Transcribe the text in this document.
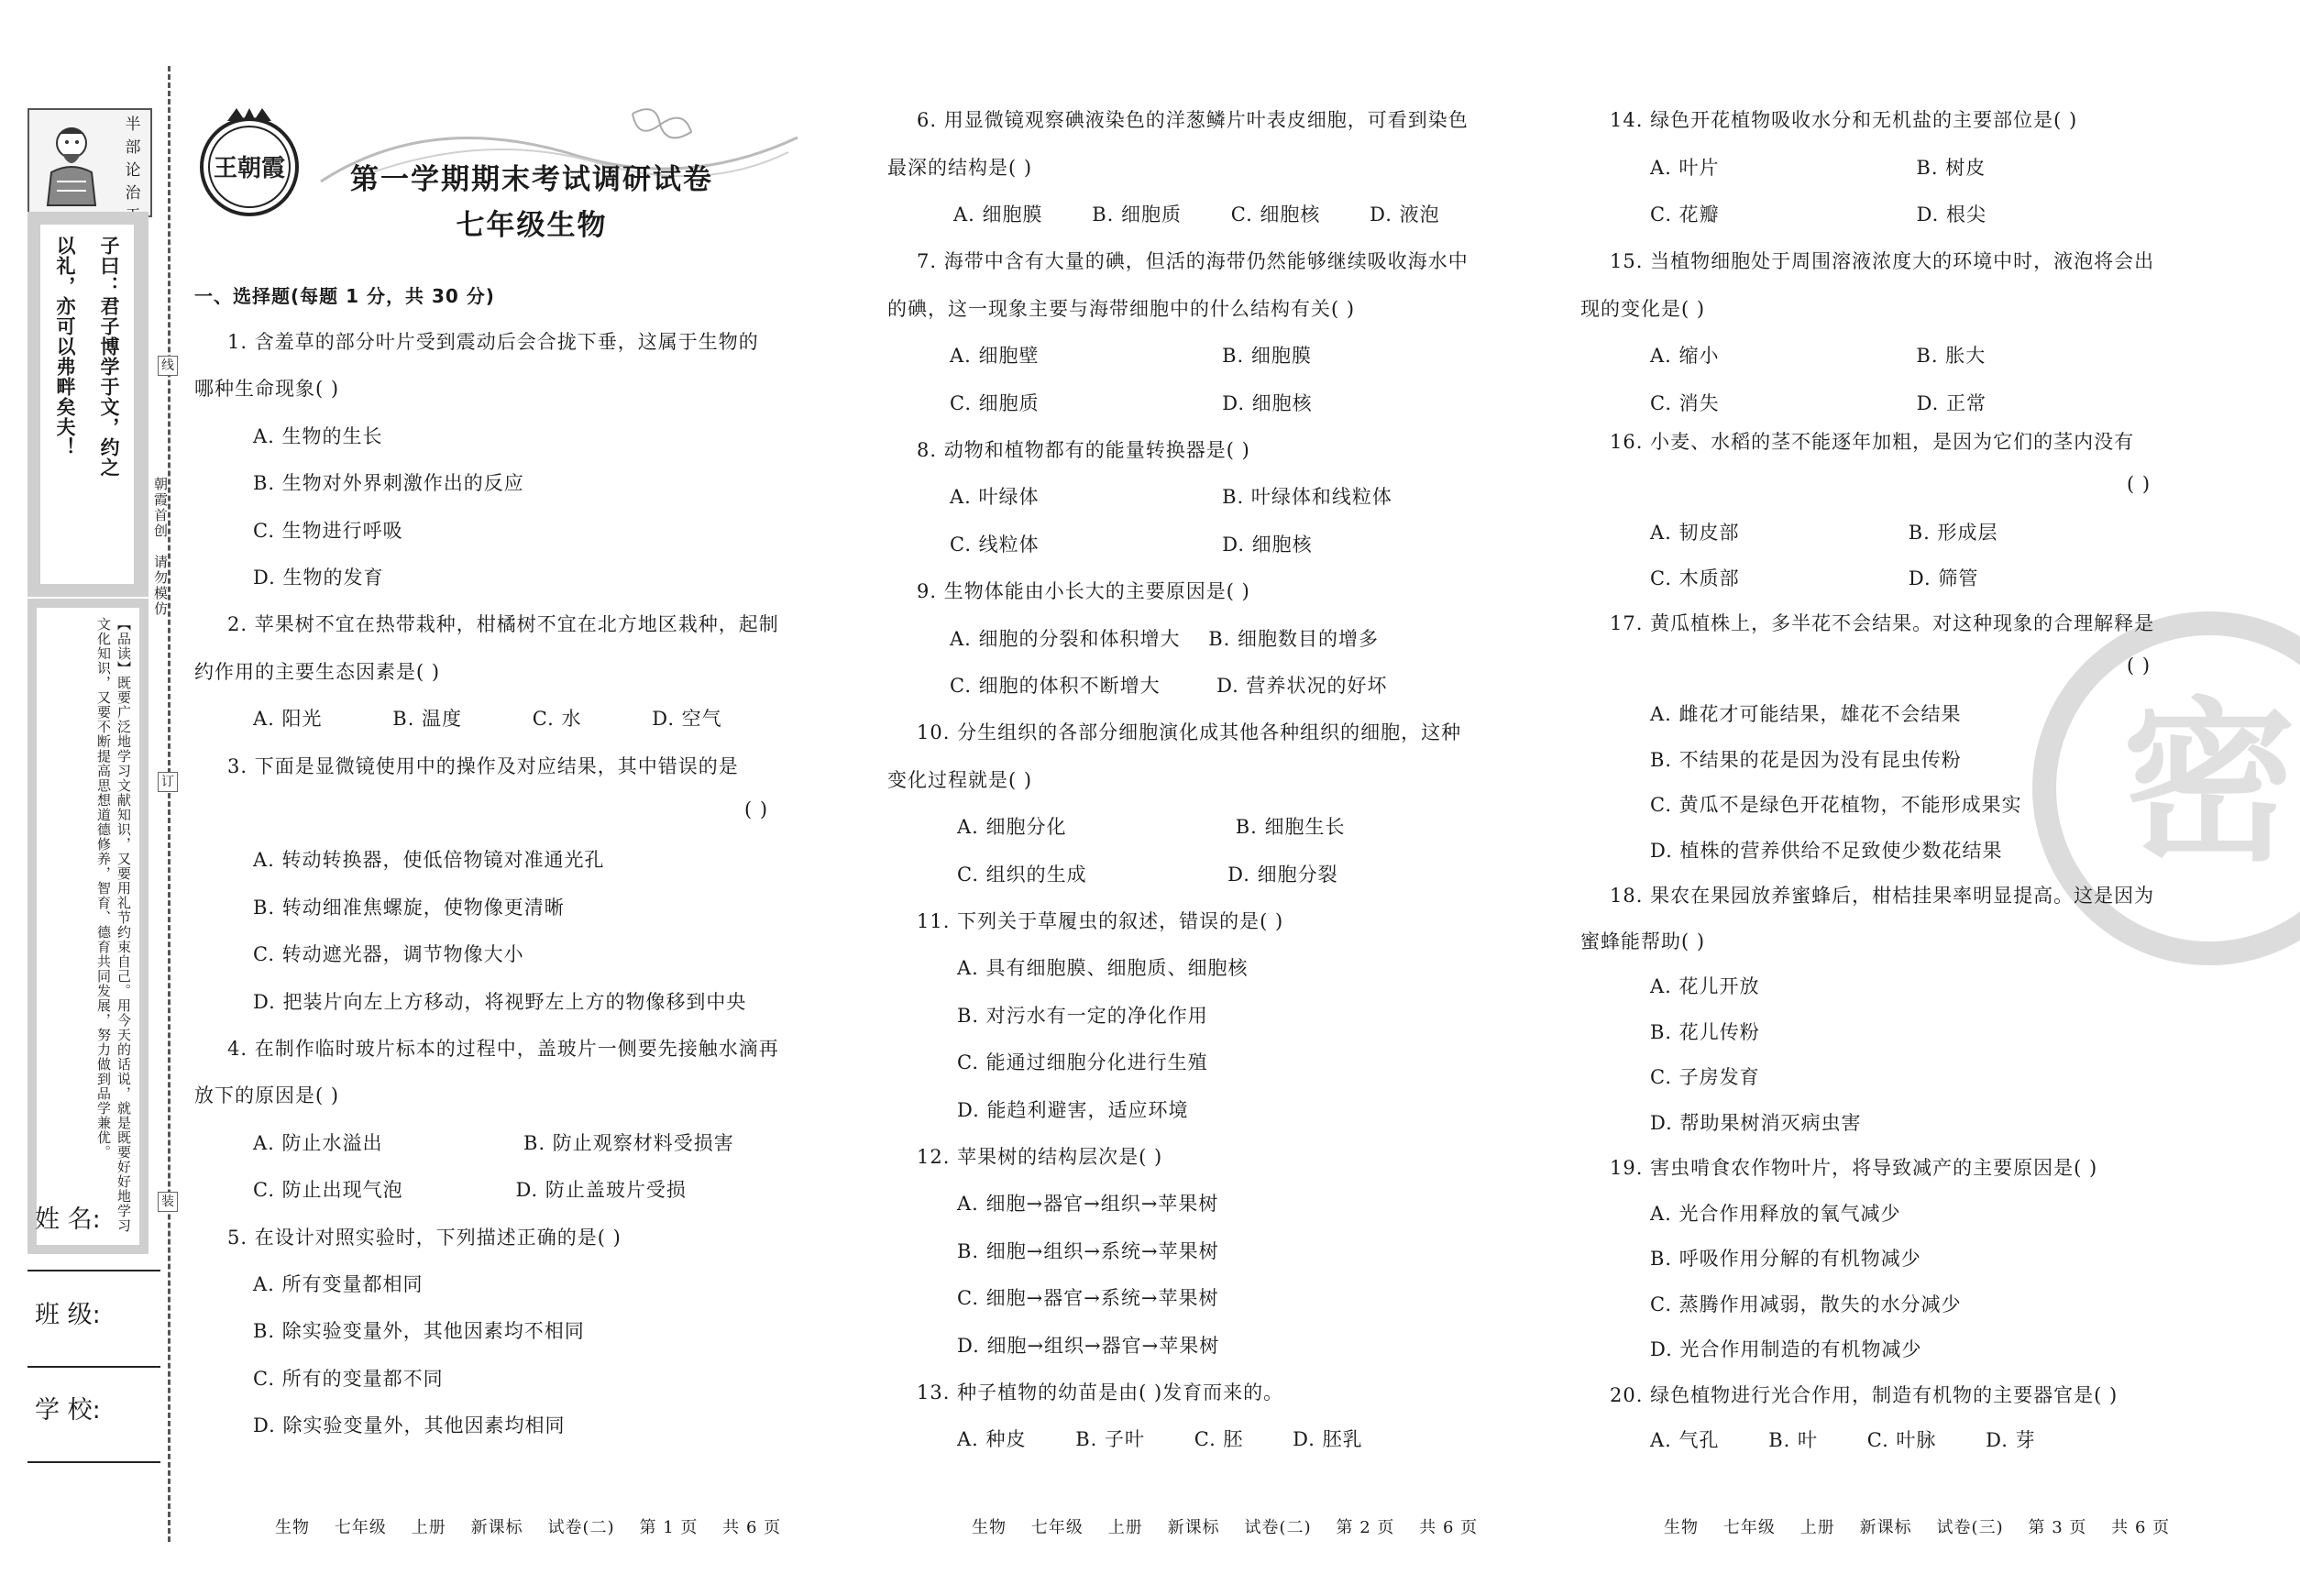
半
部
论
治
子曰：君子博学于文，约之
以礼，亦可以弗畔矣夫！
【品读】既要广泛地学习文献知识，又要用礼节约束自己。用今天的话说，就是既要好好地学习文化知识，又要不断提高思想道德修养，智育、德育共同发展，努力做到品学兼优。
姓 名:
班 级:
学 校:
线
订
装
朝霞首创　请勿模仿
王朝霞	第一学期期末考试调研试卷
七年级生物
一、选择题(每题 1 分，共 30 分)
1. 含羞草的部分叶片受到震动后会合拢下垂，这属于生物的
哪种生命现象( )
A. 生物的生长
B. 生物对外界刺激作出的反应
C. 生物进行呼吸
D. 生物的发育
2. 苹果树不宜在热带栽种，柑橘树不宜在北方地区栽种，起制
约作用的主要生态因素是( )
A. 阳光          B. 温度          C. 水          D. 空气
3. 下面是显微镜使用中的操作及对应结果，其中错误的是
( )
A. 转动转换器，使低倍物镜对准通光孔
B. 转动细准焦螺旋，使物像更清晰
C. 转动遮光器，调节物像大小
D. 把装片向左上方移动，将视野左上方的物像移到中央
4. 在制作临时玻片标本的过程中，盖玻片一侧要先接触水滴再
放下的原因是( )
A. 防止水溢出                    B. 防止观察材料受损害
C. 防止出现气泡                D. 防止盖玻片受损
5. 在设计对照实验时，下列描述正确的是( )
A. 所有变量都相同
B. 除实验变量外，其他因素均不相同
C. 所有的变量都不同
D. 除实验变量外，其他因素均相同
生物    七年级    上册    新课标    试卷(二)    第 1 页    共 6 页
6. 用显微镜观察碘液染色的洋葱鳞片叶表皮细胞，可看到染色
最深的结构是( )
A. 细胞膜       B. 细胞质       C. 细胞核       D. 液泡
7. 海带中含有大量的碘，但活的海带仍然能够继续吸收海水中
的碘，这一现象主要与海带细胞中的什么结构有关( )
A. 细胞壁                          B. 细胞膜
C. 细胞质                          D. 细胞核
8. 动物和植物都有的能量转换器是( )
A. 叶绿体                          B. 叶绿体和线粒体
C. 线粒体                          D. 细胞核
9. 生物体能由小长大的主要原因是( )
A. 细胞的分裂和体积增大    B. 细胞数目的增多
C. 细胞的体积不断增大        D. 营养状况的好坏
10. 分生组织的各部分细胞演化成其他各种组织的细胞，这种
变化过程就是( )
A. 细胞分化                        B. 细胞生长
C. 组织的生成                    D. 细胞分裂
11. 下列关于草履虫的叙述，错误的是( )
A. 具有细胞膜、细胞质、细胞核
B. 对污水有一定的净化作用
C. 能通过细胞分化进行生殖
D. 能趋利避害，适应环境
12. 苹果树的结构层次是( )
A. 细胞→器官→组织→苹果树
B. 细胞→组织→系统→苹果树
C. 细胞→器官→系统→苹果树
D. 细胞→组织→器官→苹果树
13. 种子植物的幼苗是由( )发育而来的。
A. 种皮       B. 子叶       C. 胚       D. 胚乳
生物    七年级    上册    新课标    试卷(二)    第 2 页    共 6 页
密
14. 绿色开花植物吸收水分和无机盐的主要部位是( )
A. 叶片                            B. 树皮
C. 花瓣                            D. 根尖
15. 当植物细胞处于周围溶液浓度大的环境中时，液泡将会出
现的变化是( )
A. 缩小                            B. 胀大
C. 消失                            D. 正常
16. 小麦、水稻的茎不能逐年加粗，是因为它们的茎内没有
( )
A. 韧皮部                        B. 形成层
C. 木质部                        D. 筛管
17. 黄瓜植株上，多半花不会结果。对这种现象的合理解释是
( )
A. 雌花才可能结果，雄花不会结果
B. 不结果的花是因为没有昆虫传粉
C. 黄瓜不是绿色开花植物，不能形成果实
D. 植株的营养供给不足致使少数花结果
18. 果农在果园放养蜜蜂后，柑桔挂果率明显提高。这是因为
蜜蜂能帮助( )
A. 花儿开放
B. 花儿传粉
C. 子房发育
D. 帮助果树消灭病虫害
19. 害虫啃食农作物叶片，将导致减产的主要原因是( )
A. 光合作用释放的氧气减少
B. 呼吸作用分解的有机物减少
C. 蒸腾作用减弱，散失的水分减少
D. 光合作用制造的有机物减少
20. 绿色植物进行光合作用，制造有机物的主要器官是( )
A. 气孔       B. 叶       C. 叶脉       D. 芽
生物    七年级    上册    新课标    试卷(三)    第 3 页    共 6 页
